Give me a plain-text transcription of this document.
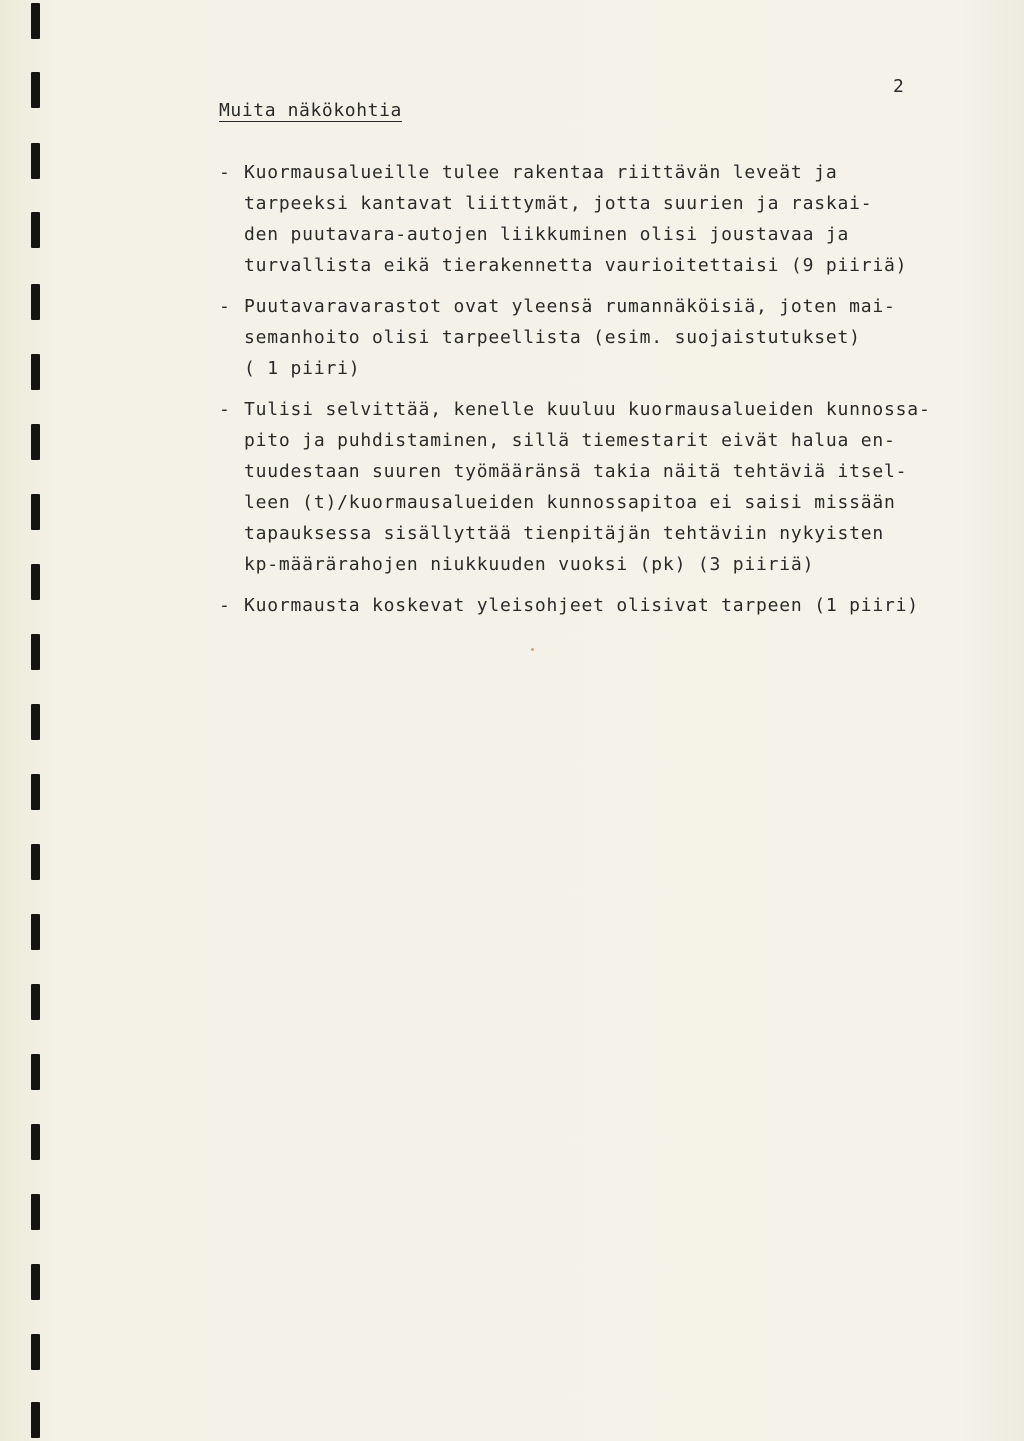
2
Muita näkökohtia
- Kuormausalueille tulee rakentaa riittävän leveät ja
tarpeeksi kantavat liittymät, jotta suurien ja raskai-
den puutavara-autojen liikkuminen olisi joustavaa ja
turvallista eikä tierakennetta vaurioitettaisi (9 piiriä)
- Puutavaravarastot ovat yleensä rumannäköisiä, joten mai-
semanhoito olisi tarpeellista (esim. suojaistutukset)
( 1 piiri)
- Tulisi selvittää, kenelle kuuluu kuormausalueiden kunnossa-
pito ja puhdistaminen, sillä tiemestarit eivät halua en-
tuudestaan suuren työmääränsä takia näitä tehtäviä itsel-
leen (t)/kuormausalueiden kunnossapitoa ei saisi missään
tapauksessa sisällyttää tienpitäjän tehtäviin nykyisten
kp-määrärahojen niukkuuden vuoksi (pk) (3 piiriä)
- Kuormausta koskevat yleisohjeet olisivat tarpeen (1 piiri)
